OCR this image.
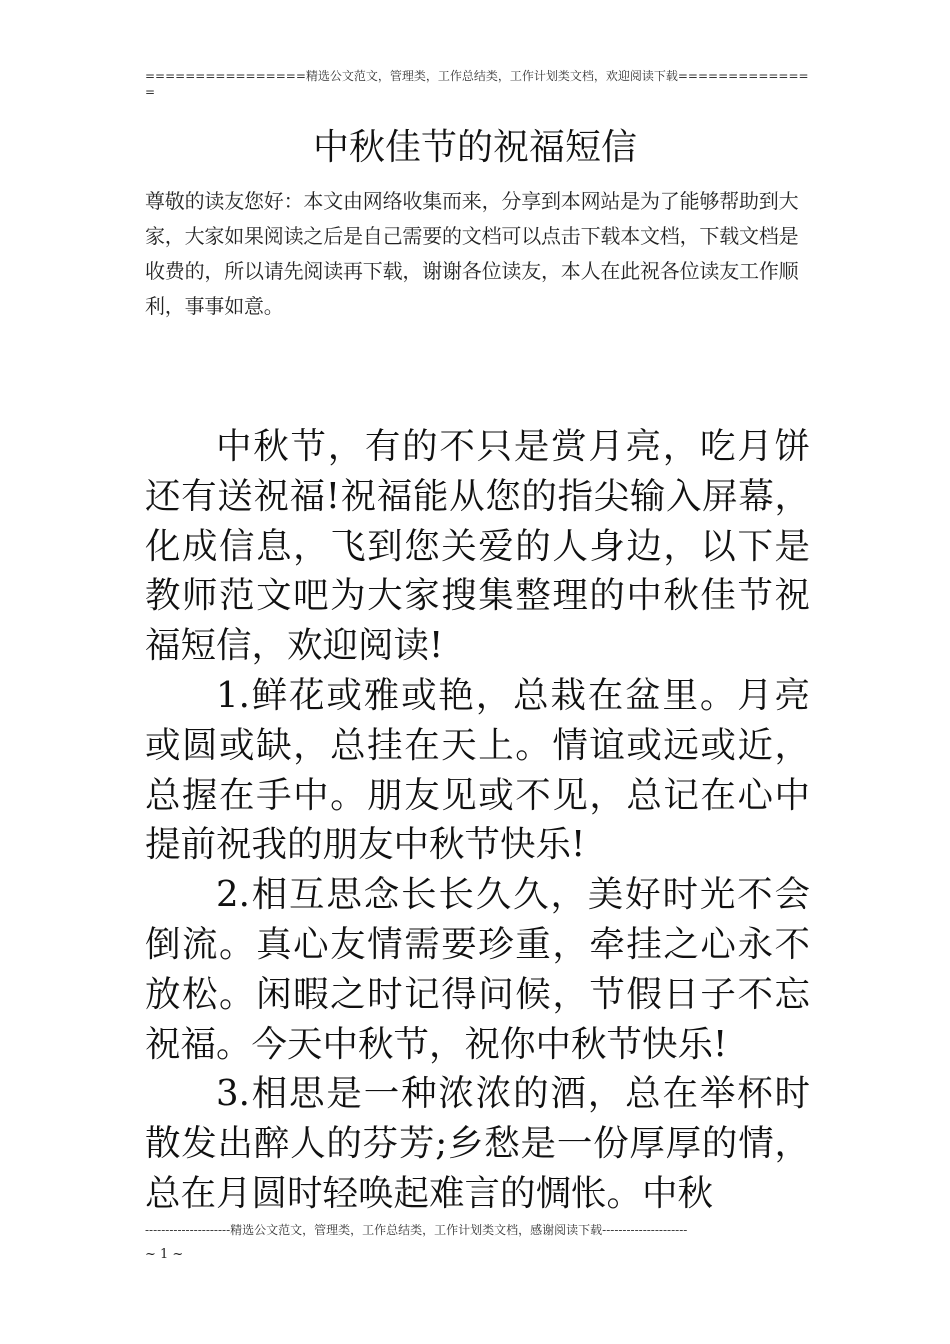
================精选公文范文，管理类，工作总结类，工作计划类文档，欢迎阅读下载==============
中秋佳节的祝福短信
尊敬的读友您好：本文由网络收集而来，分享到本网站是为了能够帮助到大家，大家如果阅读之后是自己需要的文档可以点击下载本文档，下载文档是收费的，所以请先阅读再下载，谢谢各位读友，本人在此祝各位读友工作顺利，事事如意。

中秋节，有的不只是赏月亮，吃月饼还有送祝福!祝福能从您的指尖输入屏幕，化成信息，飞到您关爱的人身边，以下是教师范文吧为大家搜集整理的中秋佳节祝福短信，欢迎阅读!

1.鲜花或雅或艳，总栽在盆里。月亮或圆或缺，总挂在天上。情谊或远或近，总握在手中。朋友见或不见，总记在心中提前祝我的朋友中秋节快乐!

2.相互思念长长久久，美好时光不会倒流。真心友情需要珍重，牵挂之心永不放松。闲暇之时记得问候，节假日子不忘祝福。今天中秋节，祝你中秋节快乐!

3.相思是一种浓浓的酒，总在举杯时散发出醉人的芬芳;乡愁是一份厚厚的情，总在月圆时轻唤起难言的惆怅。中秋

---------------------精选公文范文，管理类，工作总结类，工作计划类文档，感谢阅读下载---------------------
~ 1 ~
